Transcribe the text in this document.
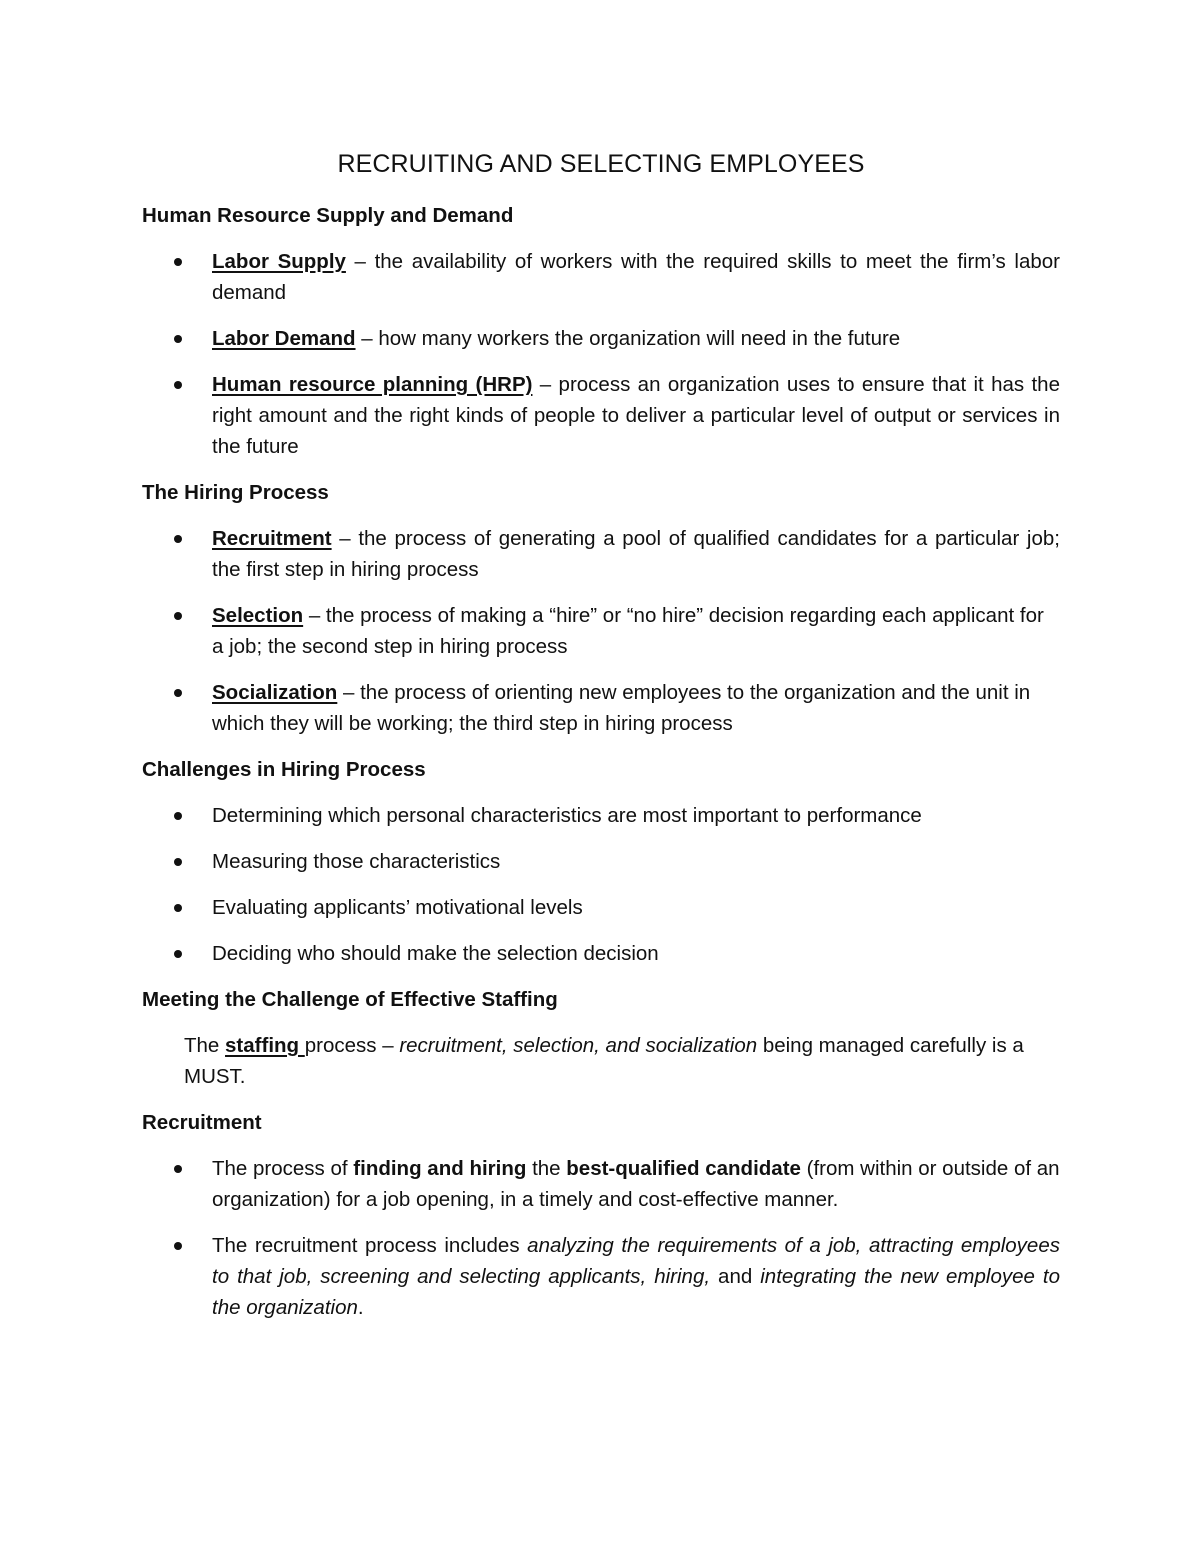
RECRUITING AND SELECTING EMPLOYEES
Human Resource Supply and Demand
Labor Supply – the availability of workers with the required skills to meet the firm’s labor demand
Labor Demand – how many workers the organization will need in the future
Human resource planning (HRP) – process an organization uses to ensure that it has the right amount and the right kinds of people to deliver a particular level of output or services in the future
The Hiring Process
Recruitment – the process of generating a pool of qualified candidates for a particular job; the first step in hiring process
Selection – the process of making a “hire” or “no hire” decision regarding each applicant for a job; the second step in hiring process
Socialization – the process of orienting new employees to the organization and the unit in which they will be working; the third step in hiring process
Challenges in Hiring Process
Determining which personal characteristics are most important to performance
Measuring those characteristics
Evaluating applicants’ motivational levels
Deciding who should make the selection decision
Meeting the Challenge of Effective Staffing

The staffing process – recruitment, selection, and socialization being managed carefully is a MUST.

Recruitment
The process of finding and hiring the best-qualified candidate (from within or outside of an organization) for a job opening, in a timely and cost-effective manner.
The recruitment process includes analyzing the requirements of a job, attracting employees to that job, screening and selecting applicants, hiring, and integrating the new employee to the organization.
